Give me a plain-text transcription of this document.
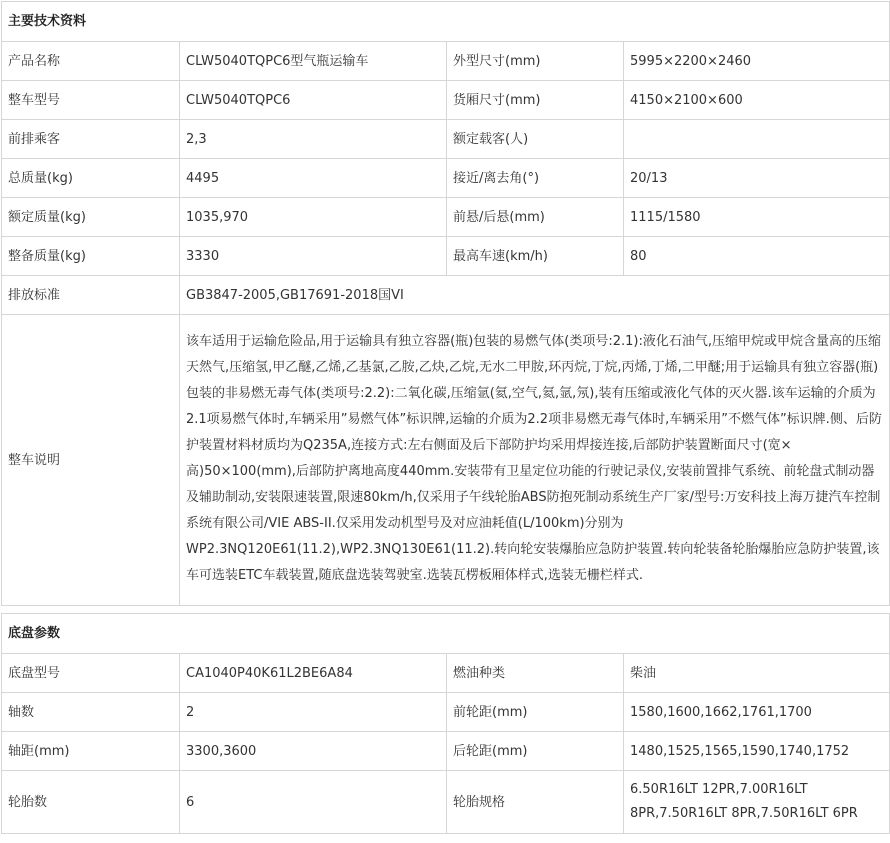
主要技术资料			
产品名称	CLW5040TQPC6型气瓶运输车	外型尺寸(mm)	5995×2200×2460
整车型号	CLW5040TQPC6	货厢尺寸(mm)	4150×2100×600
前排乘客	2,3	额定载客(人)	
总质量(kg)	4495	接近/离去角(°)	20/13
额定质量(kg)	1035,970	前悬/后悬(mm)	1115/1580
整备质量(kg)	3330	最高车速(km/h)	80
排放标准	GB3847-2005,GB17691-2018国VI		
整车说明	该车适用于运输危险品,用于运输具有独立容器(瓶)包装的易燃气体(类项号:2.1):液化石油气,压缩甲烷或甲烷含量高的压缩天然气,压缩氢,甲乙醚,乙烯,乙基氯,乙胺,乙炔,乙烷,无水二甲胺,环丙烷,丁烷,丙烯,丁烯,二甲醚;用于运输具有独立容器(瓶)包装的非易燃无毒气体(类项号:2.2):二氧化碳,压缩氩(氦,空气,氦,氩,氖),装有压缩或液化气体的灭火器.该车运输的介质为2.1项易燃气体时,车辆采用”易燃气体”标识牌,运输的介质为2.2项非易燃无毒气体时,车辆采用”不燃气体”标识牌.侧、后防护装置材料材质均为Q235A,连接方式:左右侧面及后下部防护均采用焊接连接,后部防护装置断面尺寸(宽×高)50×100(mm),后部防护离地高度440mm.安装带有卫星定位功能的行驶记录仪,安装前置排气系统、前轮盘式制动器及辅助制动,安装限速装置,限速80km/h,仅采用子午线轮胎ABS防抱死制动系统生产厂家/型号:万安科技上海万捷汽车控制系统有限公司/VIE ABS-II.仅采用发动机型号及对应油耗值(L/100km)分别为WP2.3NQ120E61(11.2),WP2.3NQ130E61(11.2).转向轮安装爆胎应急防护装置.转向轮装备轮胎爆胎应急防护装置,该车可选装ETC车载装置,随底盘选装驾驶室.选装瓦楞板厢体样式,选装无栅栏样式.		
底盘参数			
底盘型号	CA1040P40K61L2BE6A84	燃油种类	柴油
轴数	2	前轮距(mm)	1580,1600,1662,1761,1700
轴距(mm)	3300,3600	后轮距(mm)	1480,1525,1565,1590,1740,1752
轮胎数	6	轮胎规格	6.50R16LT 12PR,7.00R16LT 8PR,7.50R16LT 8PR,7.50R16LT 6PR
